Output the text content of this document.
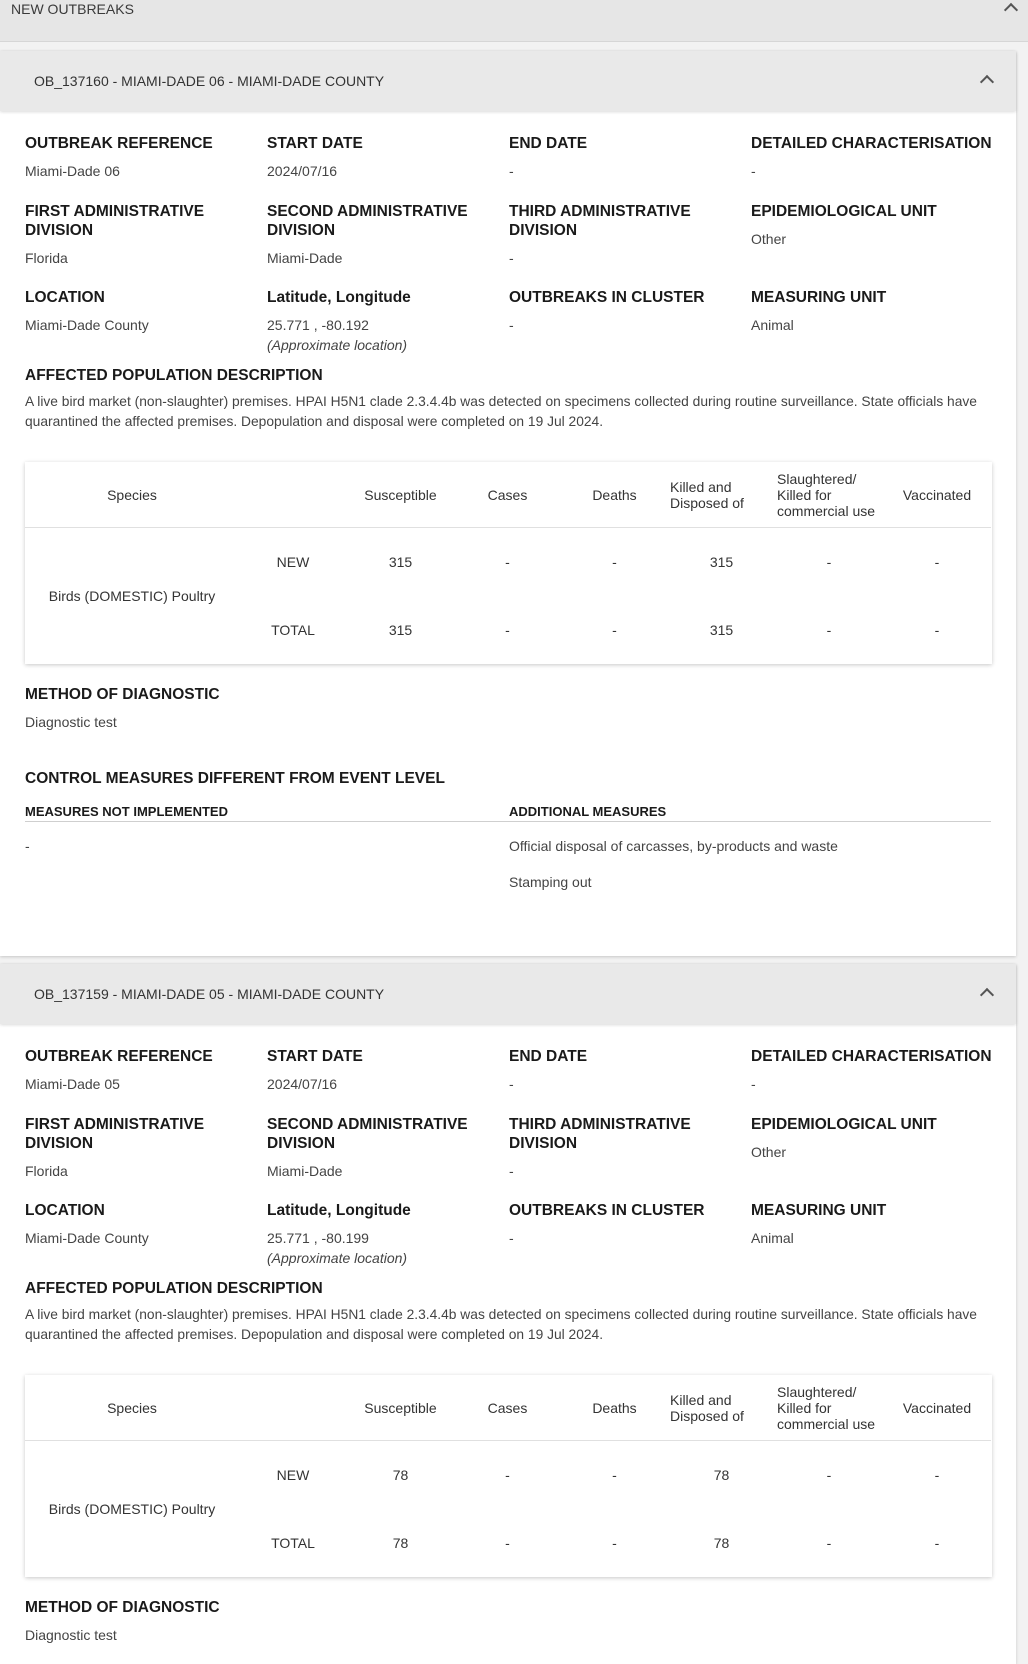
NEW OUTBREAKS
OB_137160 - MIAMI-DADE 06 - MIAMI-DADE COUNTY
OUTBREAK REFERENCE
Miami-Dade 06
START DATE
2024/07/16
END DATE
-
DETAILED CHARACTERISATION
-
FIRST ADMINISTRATIVE DIVISION
Florida
SECOND ADMINISTRATIVE DIVISION
Miami-Dade
THIRD ADMINISTRATIVE DIVISION
-
EPIDEMIOLOGICAL UNIT
Other
LOCATION
Miami-Dade County
Latitude, Longitude
25.771 , -80.192
(Approximate location)
OUTBREAKS IN CLUSTER
-
MEASURING UNIT
Animal
AFFECTED POPULATION DESCRIPTION
A live bird market (non-slaughter) premises. HPAI H5N1 clade 2.3.4.4b was detected on specimens collected during routine surveillance. State officials have quarantined the affected premises. Depopulation and disposal were completed on 19 Jul 2024.
Species		Susceptible	Cases	Deaths	Killed and Disposed of	Slaughtered/ Killed for commercial use	Vaccinated
Birds (DOMESTIC) Poultry	NEW	315	-	-	315	-	-
	TOTAL	315	-	-	315	-	-
METHOD OF DIAGNOSTIC
Diagnostic test
CONTROL MEASURES DIFFERENT FROM EVENT LEVEL
MEASURES NOT IMPLEMENTED
-
ADDITIONAL MEASURES
Official disposal of carcasses, by-products and waste
Stamping out
OB_137159 - MIAMI-DADE 05 - MIAMI-DADE COUNTY
OUTBREAK REFERENCE
Miami-Dade 05
START DATE
2024/07/16
END DATE
-
DETAILED CHARACTERISATION
-
FIRST ADMINISTRATIVE DIVISION
Florida
SECOND ADMINISTRATIVE DIVISION
Miami-Dade
THIRD ADMINISTRATIVE DIVISION
-
EPIDEMIOLOGICAL UNIT
Other
LOCATION
Miami-Dade County
Latitude, Longitude
25.771 , -80.199
(Approximate location)
OUTBREAKS IN CLUSTER
-
MEASURING UNIT
Animal
AFFECTED POPULATION DESCRIPTION
A live bird market (non-slaughter) premises. HPAI H5N1 clade 2.3.4.4b was detected on specimens collected during routine surveillance. State officials have quarantined the affected premises. Depopulation and disposal were completed on 19 Jul 2024.
Species		Susceptible	Cases	Deaths	Killed and Disposed of	Slaughtered/ Killed for commercial use	Vaccinated
Birds (DOMESTIC) Poultry	NEW	78	-	-	78	-	-
	TOTAL	78	-	-	78	-	-
METHOD OF DIAGNOSTIC
Diagnostic test
